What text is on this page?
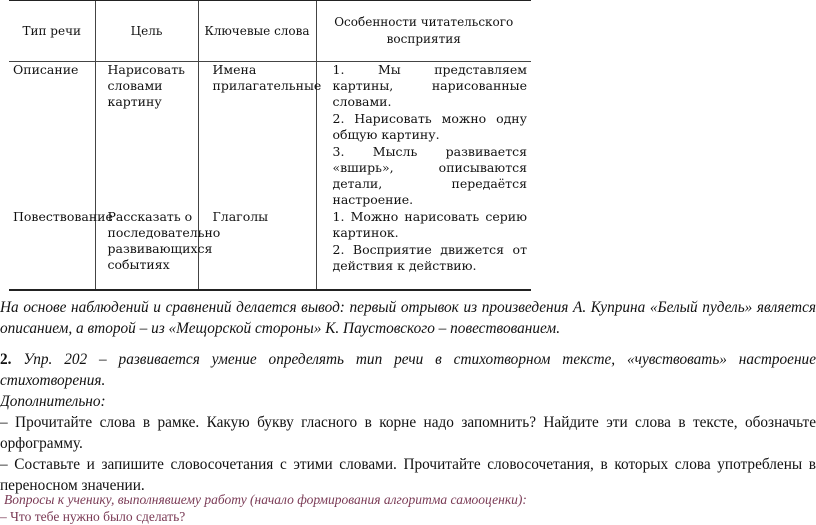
Тип речи	Цель	Ключевые слова	Особенности читательского восприятия
Описание	Нарисовать словами картину	Имена прилагательные	1. Мы представляем картины, нарисованные словами.

2. Нарисовать можно одну общую картину.

3. Мысль развивается «вширь», описываются детали, передаётся настроение.

Повествование	Рассказать о последовательно развивающихся событиях	Глаголы	1. Можно нарисовать серию картинок.

2. Восприятие движется от действия к действию.

На основе наблюдений и сравнений делается вывод: первый отрывок из произведения А. Куприна «Белый пудель» является описанием, а второй – из «Мещорской стороны» К. Паустовского – повествованием.

2. Упр. 202 – развивается умение определять тип речи в стихотворном тексте, «чувствовать» настроение стихотворения.

Дополнительно:

– Прочитайте слова в рамке. Какую букву гласного в корне надо запомнить? Найдите эти слова в тексте, обозначьте орфограмму.

– Составьте и запишите словосочетания с этими словами. Прочитайте словосочетания, в которых слова употреблены в переносном значении.

Вопросы к ученику, выполнявшему работу (начало формирования алгоритма самооценки):

– Что тебе нужно было сделать?
